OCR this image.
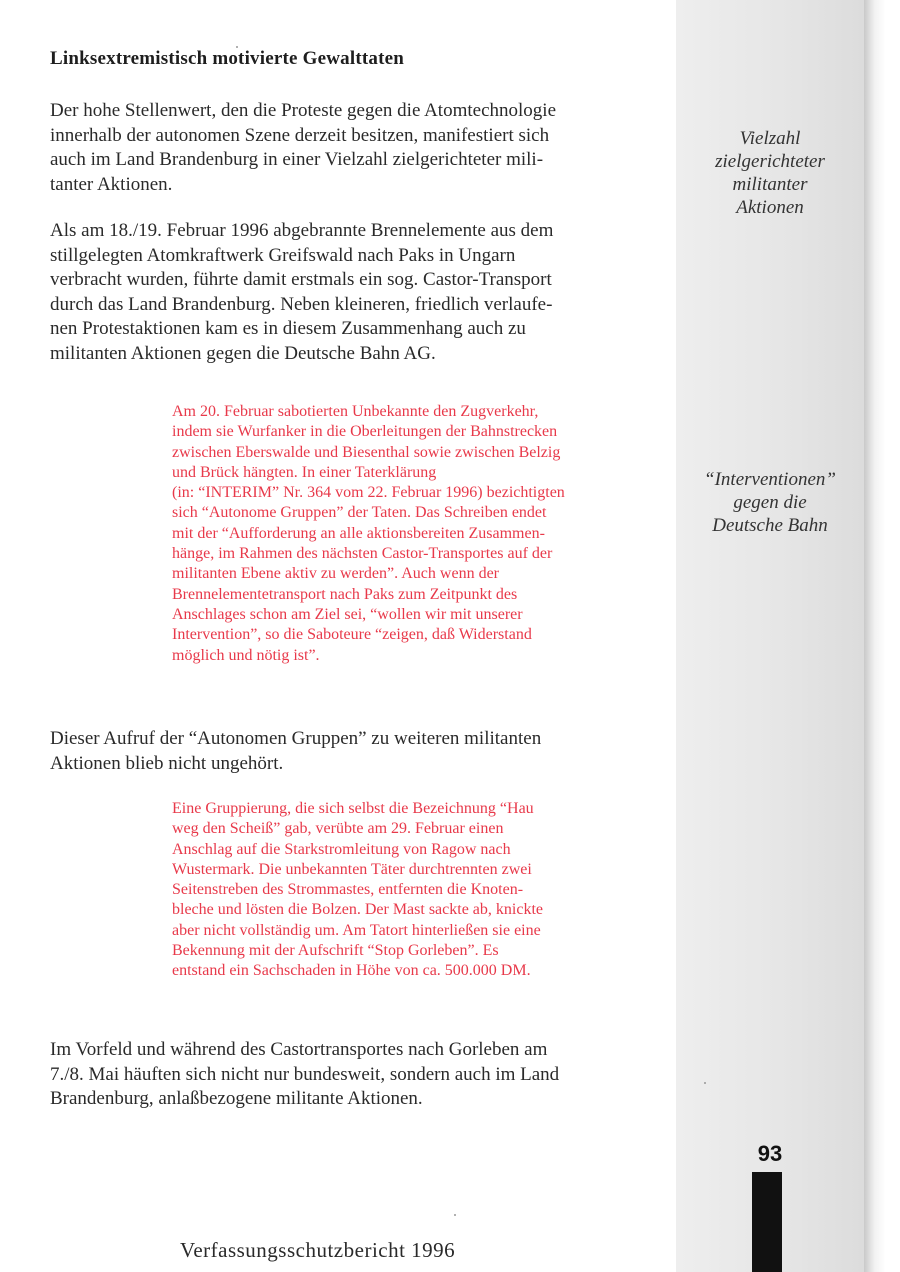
Linksextremistisch motivierte Gewalttaten
Der hohe Stellenwert, den die Proteste gegen die Atomtechnologie
innerhalb der autonomen Szene derzeit besitzen, manifestiert sich
auch im Land Brandenburg in einer Vielzahl zielgerichteter mili-
tanter Aktionen.
Als am 18./19. Februar 1996 abgebrannte Brennelemente aus dem
stillgelegten Atomkraftwerk Greifswald nach Paks in Ungarn
verbracht wurden, führte damit erstmals ein sog. Castor-Transport
durch das Land Brandenburg. Neben kleineren, friedlich verlaufe-
nen Protestaktionen kam es in diesem Zusammenhang auch zu
militanten Aktionen gegen die Deutsche Bahn AG.
Am 20. Februar sabotierten Unbekannte den Zugverkehr,
indem sie Wurfanker in die Oberleitungen der Bahnstrecken
zwischen Eberswalde und Biesenthal sowie zwischen Belzig
und Brück hängten. In einer Taterklärung
(in: “INTERIM” Nr. 364 vom 22. Februar 1996) bezichtigten
sich “Autonome Gruppen” der Taten. Das Schreiben endet
mit der “Aufforderung an alle aktionsbereiten Zusammen-
hänge, im Rahmen des nächsten Castor-Transportes auf der
militanten Ebene aktiv zu werden”. Auch wenn der
Brennelementetransport nach Paks zum Zeitpunkt des
Anschlages schon am Ziel sei, “wollen wir mit unserer
Intervention”, so die Saboteure “zeigen, daß Widerstand
möglich und nötig ist”.
Dieser Aufruf der “Autonomen Gruppen” zu weiteren militanten
Aktionen blieb nicht ungehört.
Eine Gruppierung, die sich selbst die Bezeichnung “Hau
weg den Scheiß” gab, verübte am 29. Februar einen
Anschlag auf die Starkstromleitung von Ragow nach
Wustermark. Die unbekannten Täter durchtrennten zwei
Seitenstreben des Strommastes, entfernten die Knoten-
bleche und lösten die Bolzen. Der Mast sackte ab, knickte
aber nicht vollständig um. Am Tatort hinterließen sie eine
Bekennung mit der Aufschrift “Stop Gorleben”. Es
entstand ein Sachschaden in Höhe von ca. 500.000 DM.
Im Vorfeld und während des Castortransportes nach Gorleben am
7./8. Mai häuften sich nicht nur bundesweit, sondern auch im Land
Brandenburg, anlaßbezogene militante Aktionen.
Vielzahl
zielgerichteter
militanter
Aktionen
“Interventionen”
gegen die
Deutsche Bahn
93
Verfassungsschutzbericht 1996
